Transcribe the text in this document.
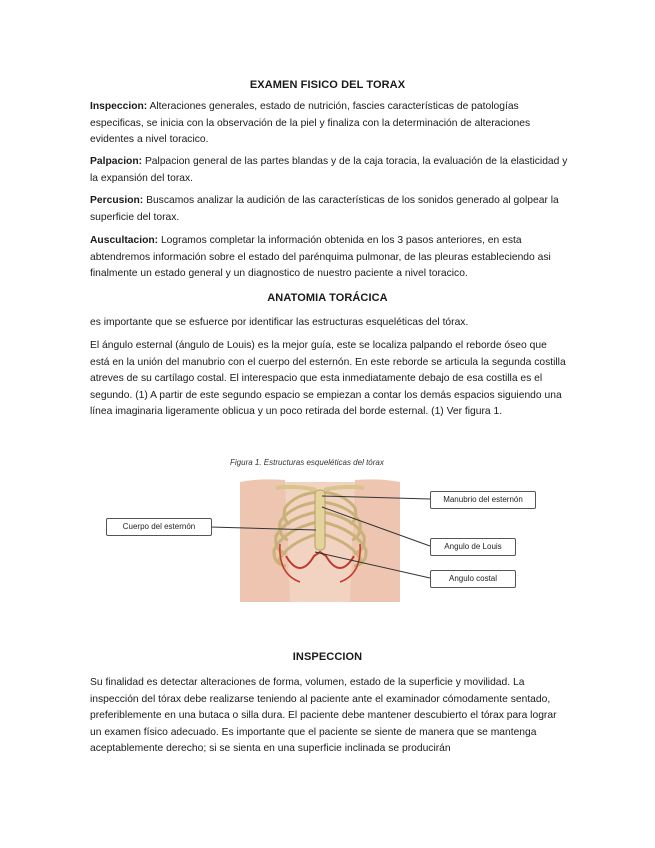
EXAMEN FISICO DEL TORAX

Inspeccion: Alteraciones generales, estado de nutrición, fascies características de patologías especificas, se inicia con la observación de la piel y finaliza con la determinación de alteraciones evidentes a nivel toracico.

Palpacion: Palpacion general de las partes blandas y de la caja toracia, la evaluación de la elasticidad y la expansión del torax.

Percusion: Buscamos analizar la audición de las características de los sonidos generado al golpear la superficie del torax.

Auscultacion: Logramos completar la información obtenida en los 3 pasos anteriores, en esta abtendremos información sobre el estado del parénquima pulmonar, de las pleuras estableciendo asi finalmente un estado general y un diagnostico de nuestro paciente a nivel toracico.

ANATOMIA TORÁCICA

es importante que se esfuerce por identificar las estructuras esqueléticas del tórax.

El ángulo esternal (ángulo de Louis) es la mejor guía, este se localiza palpando el reborde óseo que está en la unión del manubrio con el cuerpo del esternón. En este reborde se articula la segunda costilla atreves de su cartílago costal. El interespacio que esta inmediatamente debajo de esa costilla es el segundo. (1) A partir de este segundo espacio se empiezan a contar los demás espacios siguiendo una línea imaginaria ligeramente oblicua y un poco retirada del borde esternal. (1) Ver figura 1.

Figura 1. Estructuras esqueléticas del tórax
Cuerpo del esternón
Manubrio del esternón
Angulo de Louis
Angulo costal
INSPECCION

Su finalidad es detectar alteraciones de forma, volumen, estado de la superficie y movilidad. La inspección del tórax debe realizarse teniendo al paciente ante el examinador cómodamente sentado, preferiblemente en una butaca o silla dura. El paciente debe mantener descubierto el tórax para lograr un examen físico adecuado. Es importante que el paciente se siente de manera que se mantenga aceptablemente derecho; si se sienta en una superficie inclinada se producirán
